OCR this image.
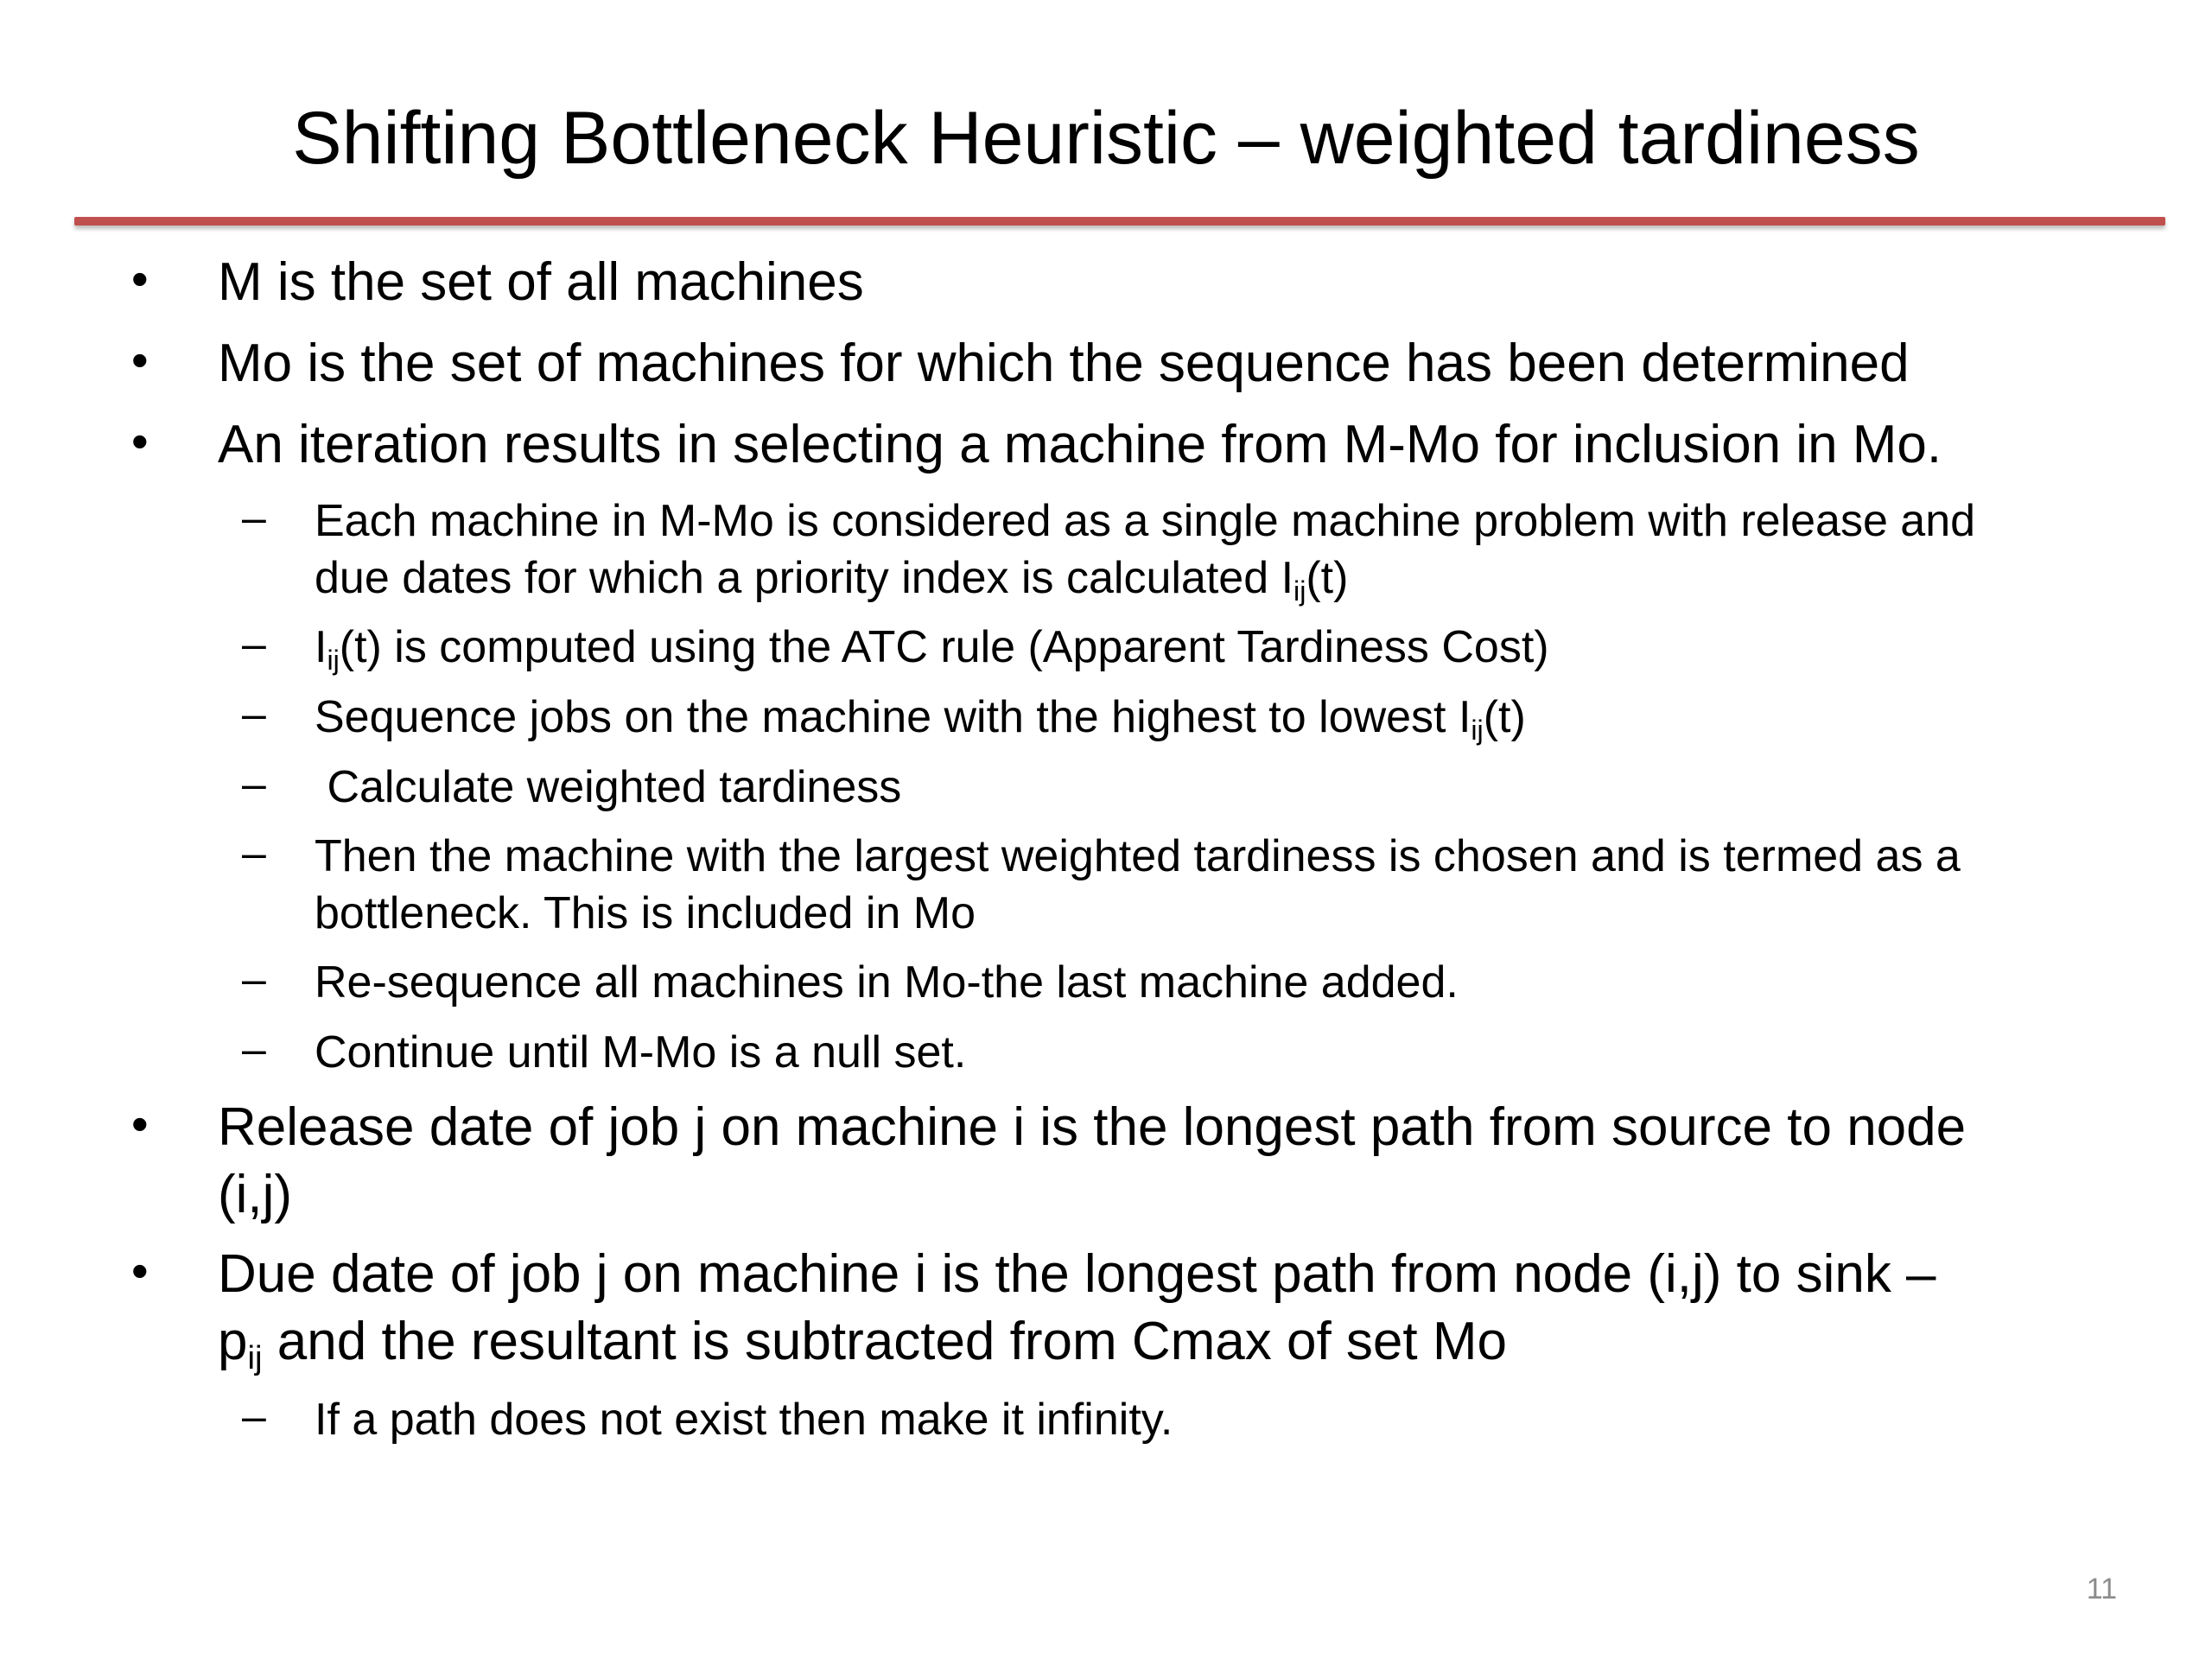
Shifting Bottleneck Heuristic – weighted tardiness
• M is the set of all machines
• Mo is the set of machines for which the sequence has been determined
• An iteration results in selecting a machine from M-Mo for inclusion in Mo.
– Each machine in M-Mo is considered as a single machine problem with release and
due dates for which a priority index is calculated $I_{ij}(t)$
– $I_{ij}(t)$ is computed using the ATC rule (Apparent Tardiness Cost)
– Sequence jobs on the machine with the highest to lowest $I_{ij}(t)$
– Calculate weighted tardiness
– Then the machine with the largest weighted tardiness is chosen and is termed as a
bottleneck. This is included in Mo
– Re-sequence all machines in Mo-the last machine added.
– Continue until M-Mo is a null set.
• Release date of job j on machine i is the longest path from source to node
(i,j)
• Due date of job j on machine i is the longest path from node (i,j) to sink –
$p_{ij}$ and the resultant is subtracted from Cmax of set Mo
– If a path does not exist then make it infinity.
11
